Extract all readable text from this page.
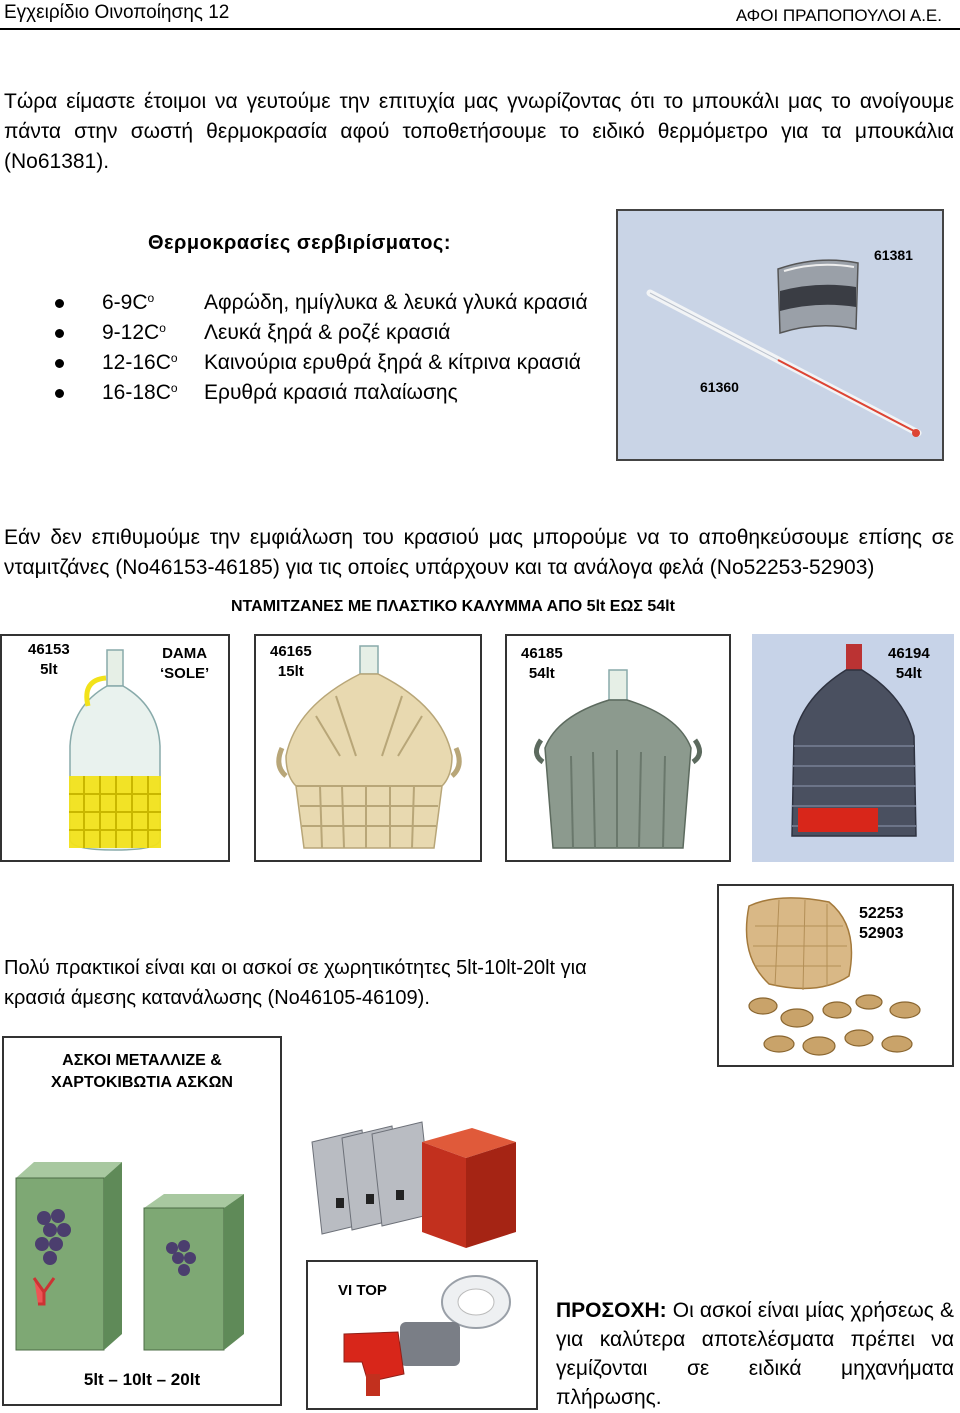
Εγχειρίδιο Οινοποίησης 12	ΑΦΟΙ ΠΡΑΠΟΠΟΥΛΟΙ Α.Ε.
Τώρα είμαστε έτοιμοι να γευτούμε την επιτυχία μας γνωρίζοντας ότι το μπουκάλι μας το ανοίγουμε πάντα στην σωστή θερμοκρασία αφού τοποθετήσουμε το ειδικό θερμόμετρο για τα μπουκάλια (Νο61381).
Θερμοκρασίες σερβιρίσματος:
$6-9C^o$	Αφρώδη, ημίγλυκα & λευκά γλυκά κρασιά
$9-12C^o$	Λευκά ξηρά & ροζέ κρασιά
$12-16C^o$	Καινούρια ερυθρά ξηρά & κίτρινα κρασιά
$16-18C^o$	Ερυθρά κρασιά παλαίωσης
61381
61360
Εάν δεν επιθυμούμε την εμφιάλωση του κρασιού μας μπορούμε να το αποθηκεύσουμε επίσης σε νταμιτζάνες (Νο46153-46185) για τις οποίες υπάρχουν και τα ανάλογα φελά (Νο52253-52903)
ΝΤΑΜΙΤΖΑΝΕΣ ΜΕ ΠΛΑΣΤΙΚΟ ΚΑΛΥΜΜΑ ΑΠΟ 5lt ΕΩΣ 54lt
46153
5lt
DAMA
‘SOLE’
46165
15lt
46185
54lt
46194
54lt
52253
52903
Πολύ πρακτικοί είναι και οι ασκοί σε χωρητικότητες 5lt-10lt-20lt για κρασιά άμεσης κατανάλωσης (Νο46105-46109).
ΑΣΚΟΙ ΜΕΤΑΛΛΙΖΕ &
ΧΑΡΤΟΚΙΒΩΤΙΑ ΑΣΚΩΝ
5lt – 10lt – 20lt
VI TOP
ΠΡΟΣΟΧΗ: Οι ασκοί είναι μίας χρήσεως & για καλύτερα αποτελέσματα πρέπει να γεμίζονται σε ειδικά μηχανήματα πλήρωσης.
